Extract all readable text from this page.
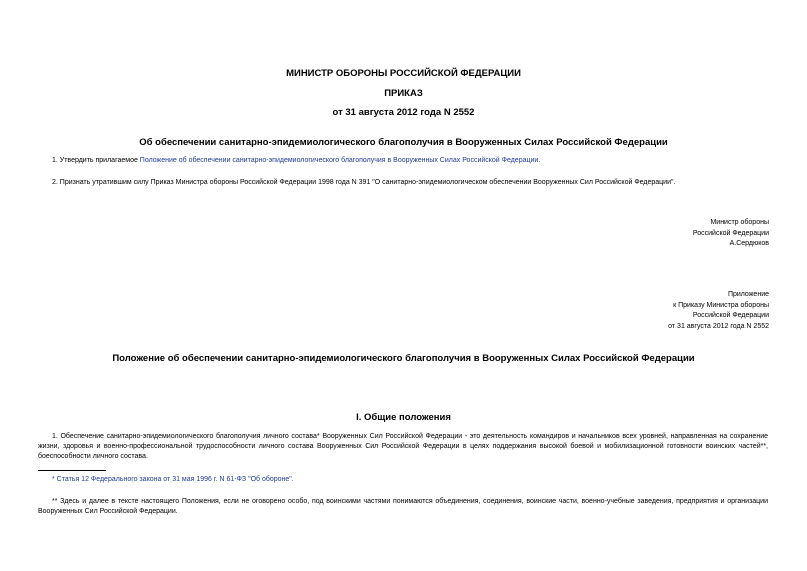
МИНИСТР ОБОРОНЫ РОССИЙСКОЙ ФЕДЕРАЦИИ
ПРИКАЗ
от 31 августа 2012 года N 2552
Об обеспечении санитарно-эпидемиологического благополучия в Вооруженных Силах Российской Федерации
1. Утвердить прилагаемое Положение об обеспечении санитарно-эпидемиологического благополучия в Вооруженных Силах Российской Федерации.
2. Признать утратившим силу Приказ Министра обороны Российской Федерации 1998 года N 391 "О санитарно-эпидемиологическом обеспечении Вооруженных Сил Российской Федерации".
Министр обороны
Российской Федерации
А.Сердюков
Приложение
к Приказу Министра обороны
Российской Федерации
от 31 августа 2012 года N 2552
Положение об обеспечении санитарно-эпидемиологического благополучия в Вооруженных Силах Российской Федерации
I. Общие положения
1. Обеспечение санитарно-эпидемиологического благополучия личного состава* Вооруженных Сил Российской Федерации - это деятельность командиров и начальников всех уровней, направленная на сохранение жизни, здоровья и военно-профессиональной трудоспособности личного состава Вооруженных Сил Российской Федерации в целях поддержания высокой боевой и мобилизационной готовности воинских частей**, боеспособности личного состава.
* Статья 12 Федерального закона от 31 мая 1996 г. N 61-ФЗ "Об обороне".
** Здесь и далее в тексте настоящего Положения, если не оговорено особо, под воинскими частями понимаются объединения, соединения, воинские части, военно-учебные заведения, предприятия и организации Вооруженных Сил Российской Федерации.
